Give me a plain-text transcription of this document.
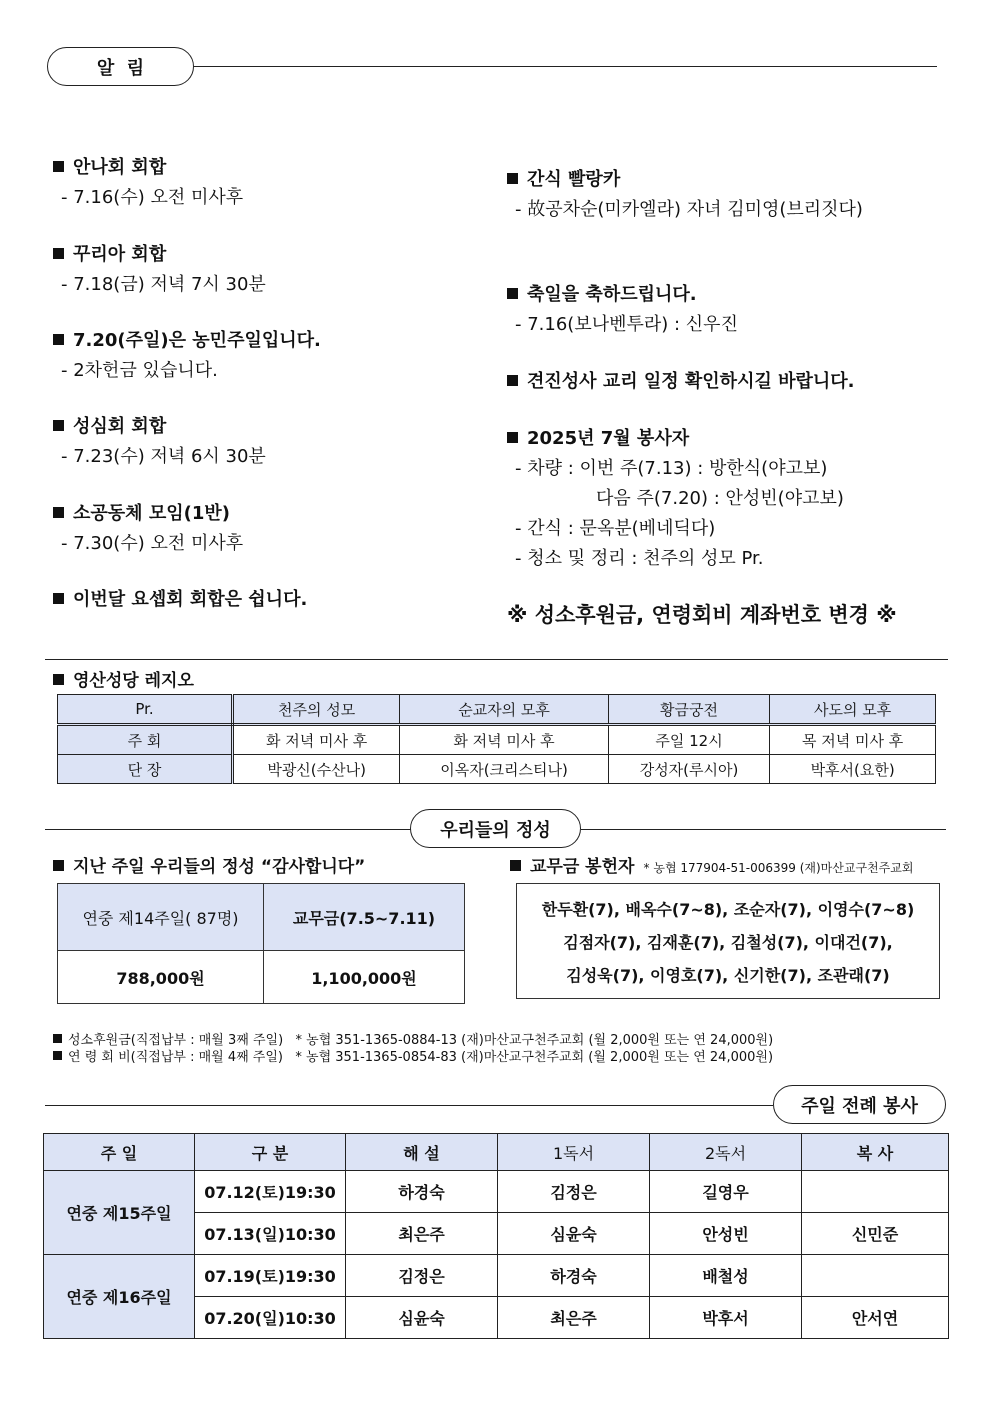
알  림
안나회 회합
- 7.16(수) 오전 미사후
꾸리아 회합
- 7.18(금) 저녁 7시 30분
7.20(주일)은 농민주일입니다.
- 2차헌금 있습니다.
성심회 회합
- 7.23(수) 저녁 6시 30분
소공동체 모임(1반)
- 7.30(수) 오전 미사후
이번달 요셉회 회합은 쉽니다.
간식 빨랑카
- 故공차순(미카엘라) 자녀 김미영(브리짓다)
축일을 축하드립니다.
- 7.16(보나벤투라) : 신우진
견진성사 교리 일정 확인하시길 바랍니다.
2025년 7월 봉사자
- 차량 : 이번 주(7.13) : 방한식(야고보)
다음 주(7.20) : 안성빈(야고보)
- 간식 : 문옥분(베네딕다)
- 청소 및 정리 : 천주의 성모 Pr.
※ 성소후원금, 연령회비 계좌번호 변경 ※
영산성당 레지오
Pr.	천주의 성모	순교자의 모후	황금궁전	사도의 모후
주 회	화 저녁 미사 후	화 저녁 미사 후	주일 12시	목 저녁 미사 후
단 장	박광신(수산나)	이옥자(크리스티나)	강성자(루시아)	박후서(요한)
우리들의 정성
지난 주일 우리들의 정성 “감사합니다”	교무금 봉헌자 * 농협 177904-51-006399 (재)마산교구천주교회
연중 제14주일( 87명)	교무금(7.5~7.11)
788,000원	1,100,000원
한두환(7), 배옥수(7~8), 조순자(7), 이영수(7~8)
김점자(7), 김재훈(7), 김철성(7), 이대건(7),
김성욱(7), 이영호(7), 신기한(7), 조관래(7)
성소후원금(직접납부 : 매월 3째 주일)   * 농협 351-1365-0884-13 (재)마산교구천주교회 (월 2,000원 또는 연 24,000원)
연 령 회 비(직접납부 : 매월 4째 주일)   * 농협 351-1365-0854-83 (재)마산교구천주교회 (월 2,000원 또는 연 24,000원)
주일 전례 봉사
주 일	구 분	해 설	1독서	2독서	복 사
연중 제15주일	07.12(토)19:30	하경숙	김정은	길영우	
	07.13(일)10:30	최은주	심윤숙	안성빈	신민준
연중 제16주일	07.19(토)19:30	김정은	하경숙	배철성	
	07.20(일)10:30	심윤숙	최은주	박후서	안서연
